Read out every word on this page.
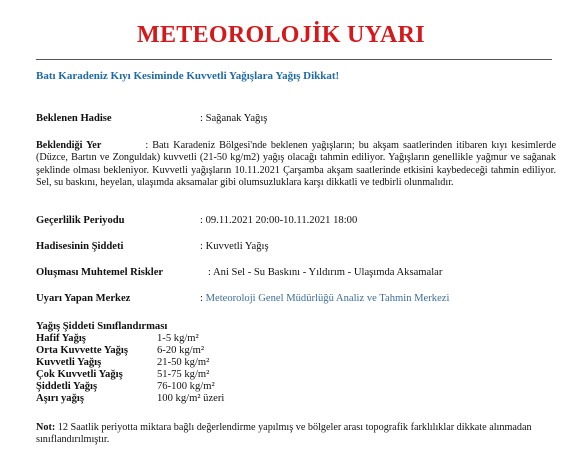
METEOROLOJİK UYARI
Batı Karadeniz Kıyı Kesiminde Kuvvetli Yağışlara Yağış Dikkat!
Beklenen Hadise	: Sağanak Yağış
Beklendiği Yer	: Batı Karadeniz Bölgesi'nde beklenen yağışların; bu akşam saatlerinden itibaren kıyı kesimlerde (Düzce, Bartın ve Zonguldak) kuvvetli (21-50 kg/m2) yağış olacağı tahmin ediliyor. Yağışların genellikle yağmur ve sağanak şeklinde olması bekleniyor. Kuvvetli yağışların 10.11.2021 Çarşamba akşam saatlerinde etkisini kaybedeceği tahmin ediliyor. Sel, su baskını, heyelan, ulaşımda aksamalar gibi olumsuzluklara karşı dikkatli ve tedbirli olunmalıdır.
Geçerlilik Periyodu	: 09.11.2021 20:00-10.11.2021 18:00
Hadisesinin Şiddeti	: Kuvvetli Yağış
Oluşması Muhtemel Riskler	: Ani Sel - Su Baskını - Yıldırım - Ulaşımda Aksamalar
Uyarı Yapan Merkez	: Meteoroloji Genel Müdürlüğü Analiz ve Tahmin Merkezi
Yağış Şiddeti Sınıflandırması
Hafif Yağış	1-5 kg/m²
Orta Kuvvette Yağış	6-20 kg/m²
Kuvvetli Yağış	21-50 kg/m²
Çok Kuvvetli Yağış	51-75 kg/m²
Şiddetli Yağış	76-100 kg/m²
Aşırı yağış	100 kg/m² üzeri
Not: 12 Saatlik periyotta miktara bağlı değerlendirme yapılmış ve bölgeler arası topografik farklılıklar dikkate alınmadan sınıflandırılmıştır.
